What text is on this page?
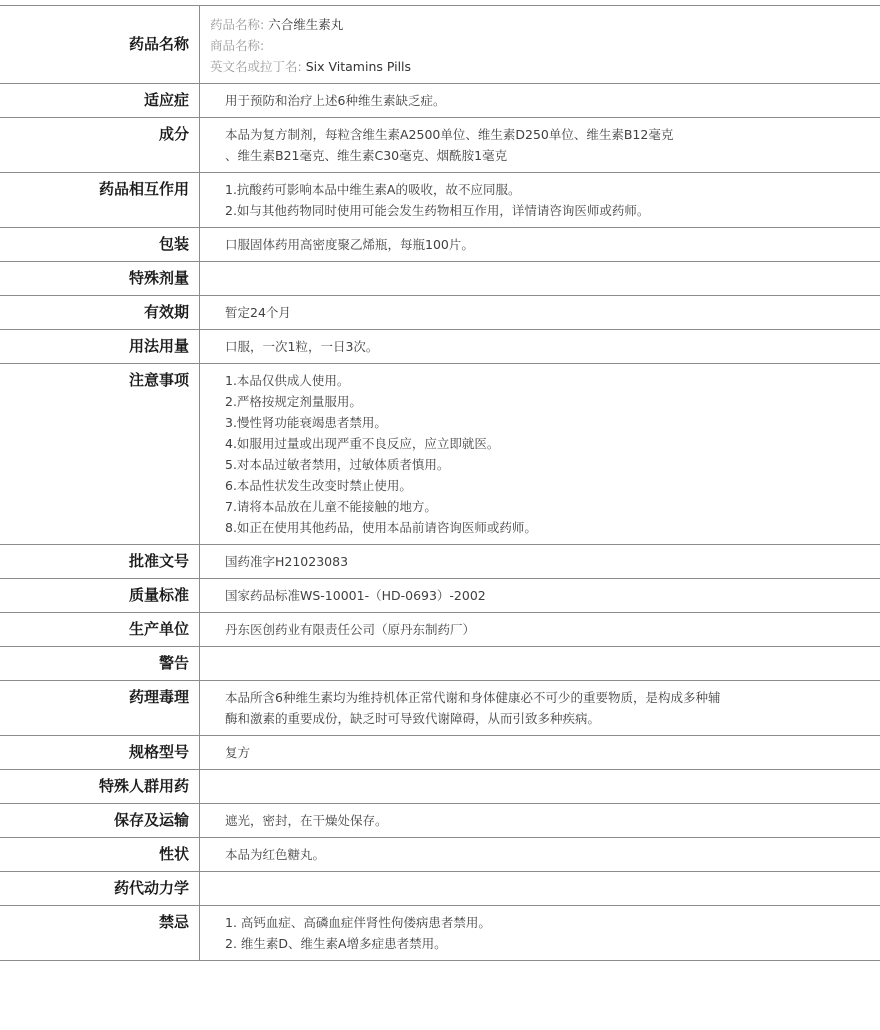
药品名称
药品名称: 六合维生素丸
商品名称:
英文名或拉丁名: Six Vitamins Pills
适应症	用于预防和治疗上述6种维生素缺乏症。
成分	本品为复方制剂，每粒含维生素A2500单位、维生素D250单位、维生素B12毫克
、维生素B21毫克、维生素C30毫克、烟酰胺1毫克
药品相互作用	1.抗酸药可影响本品中维生素A的吸收，故不应同服。
2.如与其他药物同时使用可能会发生药物相互作用，详情请咨询医师或药师。
包装	口服固体药用高密度聚乙烯瓶，每瓶100片。
特殊剂量
有效期	暂定24个月
用法用量	口服，一次1粒，一日3次。
注意事项	1.本品仅供成人使用。
2.严格按规定剂量服用。
3.慢性肾功能衰竭患者禁用。
4.如服用过量或出现严重不良反应，应立即就医。
5.对本品过敏者禁用，过敏体质者慎用。
6.本品性状发生改变时禁止使用。
7.请将本品放在儿童不能接触的地方。
8.如正在使用其他药品，使用本品前请咨询医师或药师。
批准文号	国药准字H21023083
质量标准	国家药品标准WS-10001-（HD-0693）-2002
生产单位	丹东医创药业有限责任公司（原丹东制药厂）
警告
药理毒理	本品所含6种维生素均为维持机体正常代谢和身体健康必不可少的重要物质，是构成多种辅
酶和激素的重要成份，缺乏时可导致代谢障碍，从而引致多种疾病。
规格型号	复方
特殊人群用药
保存及运输	遮光，密封，在干燥处保存。
性状	本品为红色糖丸。
药代动力学
禁忌	1. 高钙血症、高磷血症伴肾性佝偻病患者禁用。
2. 维生素D、维生素A增多症患者禁用。
